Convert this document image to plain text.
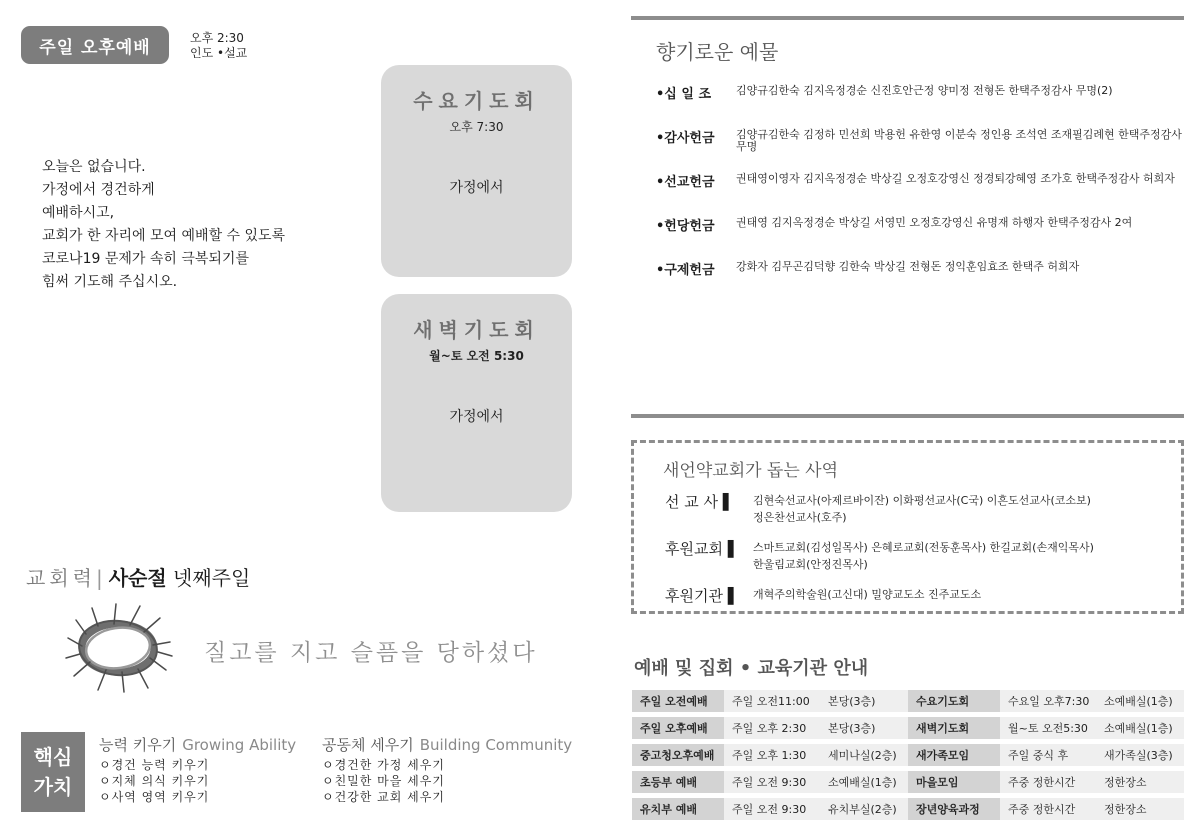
주일 오후예배	오후 2:30
인도 •설교
오늘은 없습니다.
가정에서 경건하게
예배하시고,
교회가 한 자리에 모여 예배할 수 있도록
코로나19 문제가 속히 극복되기를
힘써 기도해 주십시오.
수요기도회
오후 7:30
가정에서
새벽기도회
월~토 오전 5:30
가정에서
교회력| 사순절 넷째주일
질고를 지고 슬픔을 당하셨다
핵심
가치
능력 키우기 Growing Ability
ㅇ경건 능력 키우기
ㅇ지체 의식 키우기
ㅇ사역 영역 키우기
공동체 세우기 Building Community
ㅇ경건한 가정 세우기
ㅇ친밀한 마을 세우기
ㅇ건강한 교회 세우기
향기로운 예물
•십 일 조	김양규김한숙 김지옥정경순 신진호안근정 양미정 전형돈 한택주정감사 무명(2)
•감사헌금	김양규김한숙 김정하 민선희 박용헌 유한영 이분숙 정인용 조석연 조재필김례현 한택주정감사 무명
•선교헌금	권태영이영자 김지옥정경순 박상길 오정호강영신 정경퇴강혜영 조가호 한택주정감사 허희자
•헌당헌금	권태영 김지옥정경순 박상길 서영민 오정호강영신 유명재 하행자 한택주정감사 2여
•구제헌금	강화자 김무곤김덕향 김한숙 박상길 전형돈 정익훈임효조 한택주 허희자
새언약교회가 돕는 사역
선 교 사 ▌	김현숙선교사(아제르바이잔) 이화평선교사(C국) 이흔도선교사(코소보)
정은찬선교사(호주)
후원교회 ▌	스마트교회(김성일목사) 은혜로교회(전동훈목사) 한길교회(손재익목사)
한울림교회(안정진목사)
후원기관 ▌	개혁주의학술원(고신대) 밀양교도소 진주교도소
예배 및 집회 • 교육기관 안내
주일 오전예배	주일 오전11:00	본당(3층)	수요기도회	수요일 오후7:30	소예배실(1층)
주일 오후예배	주일 오후 2:30	본당(3층)	새벽기도회	월~토 오전5:30	소예배실(1층)
중고청오후예배	주일 오후 1:30	세미나실(2층)	새가족모임	주일 중식 후	새가족실(3층)
초등부 예배	주일 오전 9:30	소예배실(1층)	마을모임	주중 정한시간	정한장소
유치부 예배	주일 오전 9:30	유치부실(2층)	장년양육과정	주중 정한시간	정한장소
